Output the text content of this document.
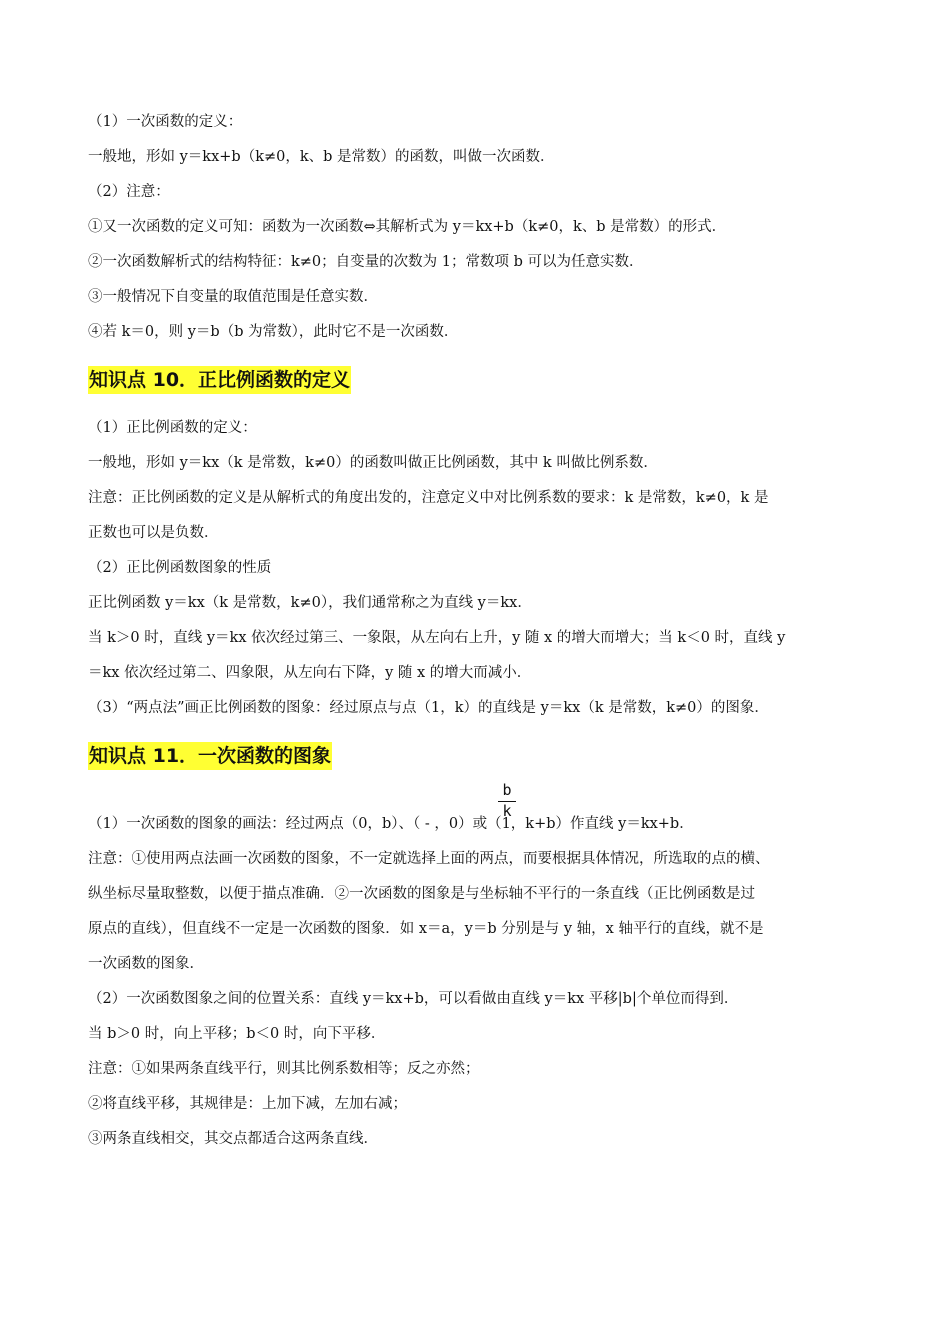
（1）一次函数的定义：

一般地，形如 y＝kx+b（k≠0，k、b 是常数）的函数，叫做一次函数．

（2）注意：

①又一次函数的定义可知：函数为一次函数⇔其解析式为 y＝kx+b（k≠0，k、b 是常数）的形式．

②一次函数解析式的结构特征：k≠0；自变量的次数为 1；常数项 b 可以为任意实数．

③一般情况下自变量的取值范围是任意实数．

④若 k＝0，则 y＝b（b 为常数），此时它不是一次函数．

知识点 10．正比例函数的定义

（1）正比例函数的定义：

一般地，形如 y＝kx（k 是常数，k≠0）的函数叫做正比例函数，其中 k 叫做比例系数．

注意：正比例函数的定义是从解析式的角度出发的，注意定义中对比例系数的要求：k 是常数，k≠0，k 是

正数也可以是负数．

（2）正比例函数图象的性质

正比例函数 y＝kx（k 是常数，k≠0），我们通常称之为直线 y＝kx．

当 k＞0 时，直线 y＝kx 依次经过第三、一象限，从左向右上升，y 随 x 的增大而增大；当 k＜0 时，直线 y

＝kx 依次经过第二、四象限，从左向右下降，y 随 x 的增大而减小．

（3）“两点法”画正比例函数的图象：经过原点与点（1，k）的直线是 y＝kx（k 是常数，k≠0）的图象．

知识点 11．一次函数的图象
（1）一次函数的图象的画法：经过两点（0，b）、（ - ，0）或（1，k+b）作直线 y＝kx+b．
b
k

注意：①使用两点法画一次函数的图象，不一定就选择上面的两点，而要根据具体情况，所选取的点的横、

纵坐标尽量取整数，以便于描点准确．②一次函数的图象是与坐标轴不平行的一条直线（正比例函数是过

原点的直线），但直线不一定是一次函数的图象．如 x＝a，y＝b 分别是与 y 轴，x 轴平行的直线，就不是

一次函数的图象．

（2）一次函数图象之间的位置关系：直线 y＝kx+b，可以看做由直线 y＝kx 平移|b|个单位而得到．

当 b＞0 时，向上平移；b＜0 时，向下平移．

注意：①如果两条直线平行，则其比例系数相等；反之亦然；

②将直线平移，其规律是：上加下减，左加右减；

③两条直线相交，其交点都适合这两条直线．
